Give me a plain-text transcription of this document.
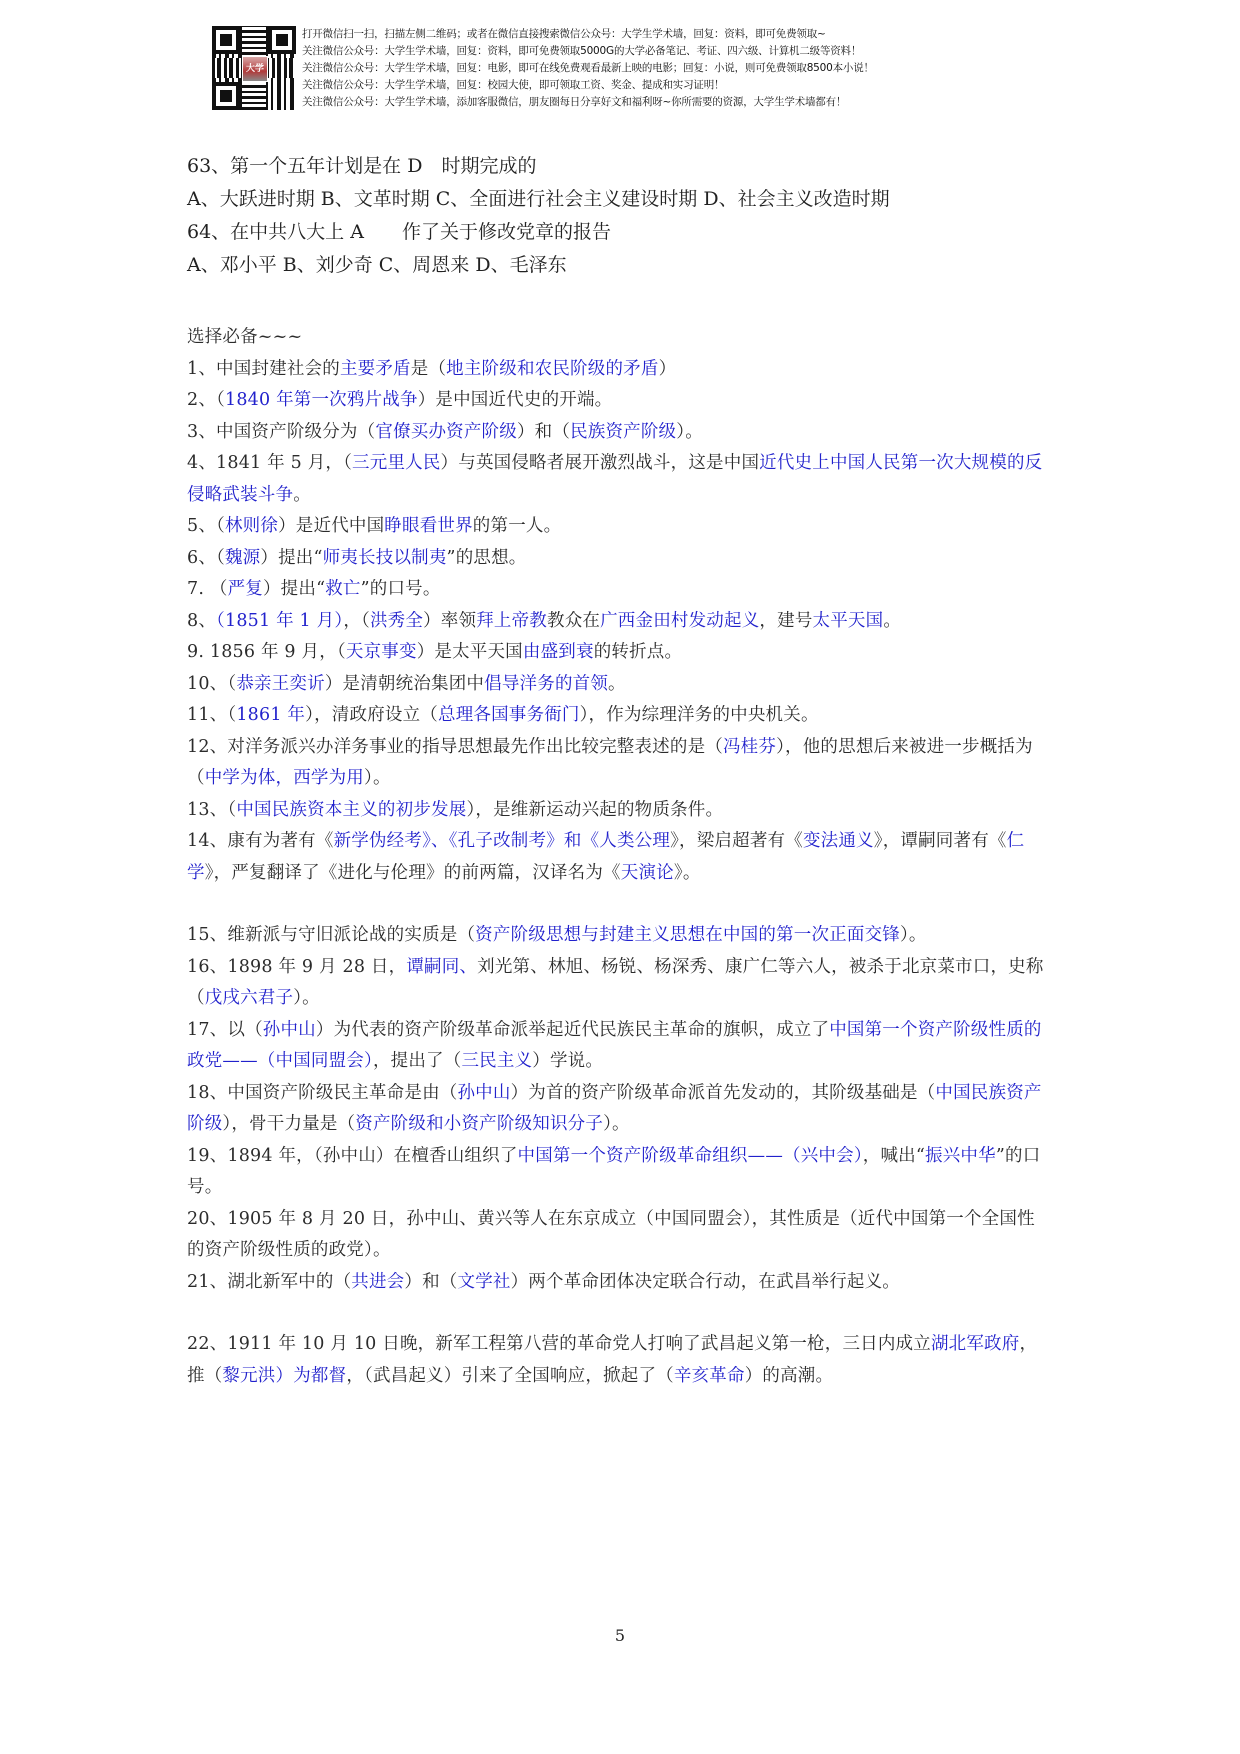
大学
打开微信扫一扫，扫描左侧二维码；或者在微信直接搜索微信公众号：大学生学术墙，回复：资料，即可免费领取~
关注微信公众号：大学生学术墙，回复：资料，即可免费领取5000G的大学必备笔记、考证、四六级、计算机二级等资料！
关注微信公众号：大学生学术墙，回复：电影，即可在线免费观看最新上映的电影；回复：小说，则可免费领取8500本小说！
关注微信公众号：大学生学术墙，回复：校园大使，即可领取工资、奖金、提成和实习证明！
关注微信公众号：大学生学术墙，添加客服微信，朋友圈每日分享好文和福利呀~你所需要的资源，大学生学术墙都有！
63、第一个五年计划是在 D　时期完成的
A、大跃进时期 B、文革时期 C、全面进行社会主义建设时期 D、社会主义改造时期
64、在中共八大上 A　　作了关于修改党章的报告
A、邓小平 B、刘少奇 C、周恩来 D、毛泽东
选择必备~~~
1、中国封建社会的主要矛盾是（地主阶级和农民阶级的矛盾）
2、（1840 年第一次鸦片战争）是中国近代史的开端。
3、中国资产阶级分为（官僚买办资产阶级）和（民族资产阶级）。
4、1841 年 5 月，（三元里人民）与英国侵略者展开激烈战斗，这是中国近代史上中国人民第一次大规模的反侵略武装斗争。
5、（林则徐）是近代中国睁眼看世界的第一人。
6、（魏源）提出“师夷长技以制夷”的思想。
7. （严复）提出“救亡”的口号。
8、（1851 年 1 月），（洪秀全）率领拜上帝教教众在广西金田村发动起义，建号太平天国。
9. 1856 年 9 月，（天京事变）是太平天国由盛到衰的转折点。
10、（恭亲王奕䜣）是清朝统治集团中倡导洋务的首领。
11、（1861 年），清政府设立（总理各国事务衙门），作为综理洋务的中央机关。
12、对洋务派兴办洋务事业的指导思想最先作出比较完整表述的是（冯桂芬），他的思想后来被进一步概括为（中学为体，西学为用）。
13、（中国民族资本主义的初步发展），是维新运动兴起的物质条件。
14、康有为著有《新学伪经考》、《孔子改制考》和《人类公理》，梁启超著有《变法通义》，谭嗣同著有《仁学》，严复翻译了《进化与伦理》的前两篇，汉译名为《天演论》。
15、维新派与守旧派论战的实质是（资产阶级思想与封建主义思想在中国的第一次正面交锋）。
16、1898 年 9 月 28 日，谭嗣同、刘光第、林旭、杨锐、杨深秀、康广仁等六人，被杀于北京菜市口，史称（戊戌六君子）。
17、以（孙中山）为代表的资产阶级革命派举起近代民族民主革命的旗帜，成立了中国第一个资产阶级性质的政党——（中国同盟会），提出了（三民主义）学说。
18、中国资产阶级民主革命是由（孙中山）为首的资产阶级革命派首先发动的，其阶级基础是（中国民族资产阶级），骨干力量是（资产阶级和小资产阶级知识分子）。
19、1894 年，（孙中山）在檀香山组织了中国第一个资产阶级革命组织——（兴中会），喊出“振兴中华”的口号。
20、1905 年 8 月 20 日，孙中山、黄兴等人在东京成立（中国同盟会），其性质是（近代中国第一个全国性的资产阶级性质的政党）。
21、湖北新军中的（共进会）和（文学社）两个革命团体决定联合行动，在武昌举行起义。
22、1911 年 10 月 10 日晚，新军工程第八营的革命党人打响了武昌起义第一枪，三日内成立湖北军政府，推（黎元洪）为都督，（武昌起义）引来了全国响应，掀起了（辛亥革命）的高潮。
5
